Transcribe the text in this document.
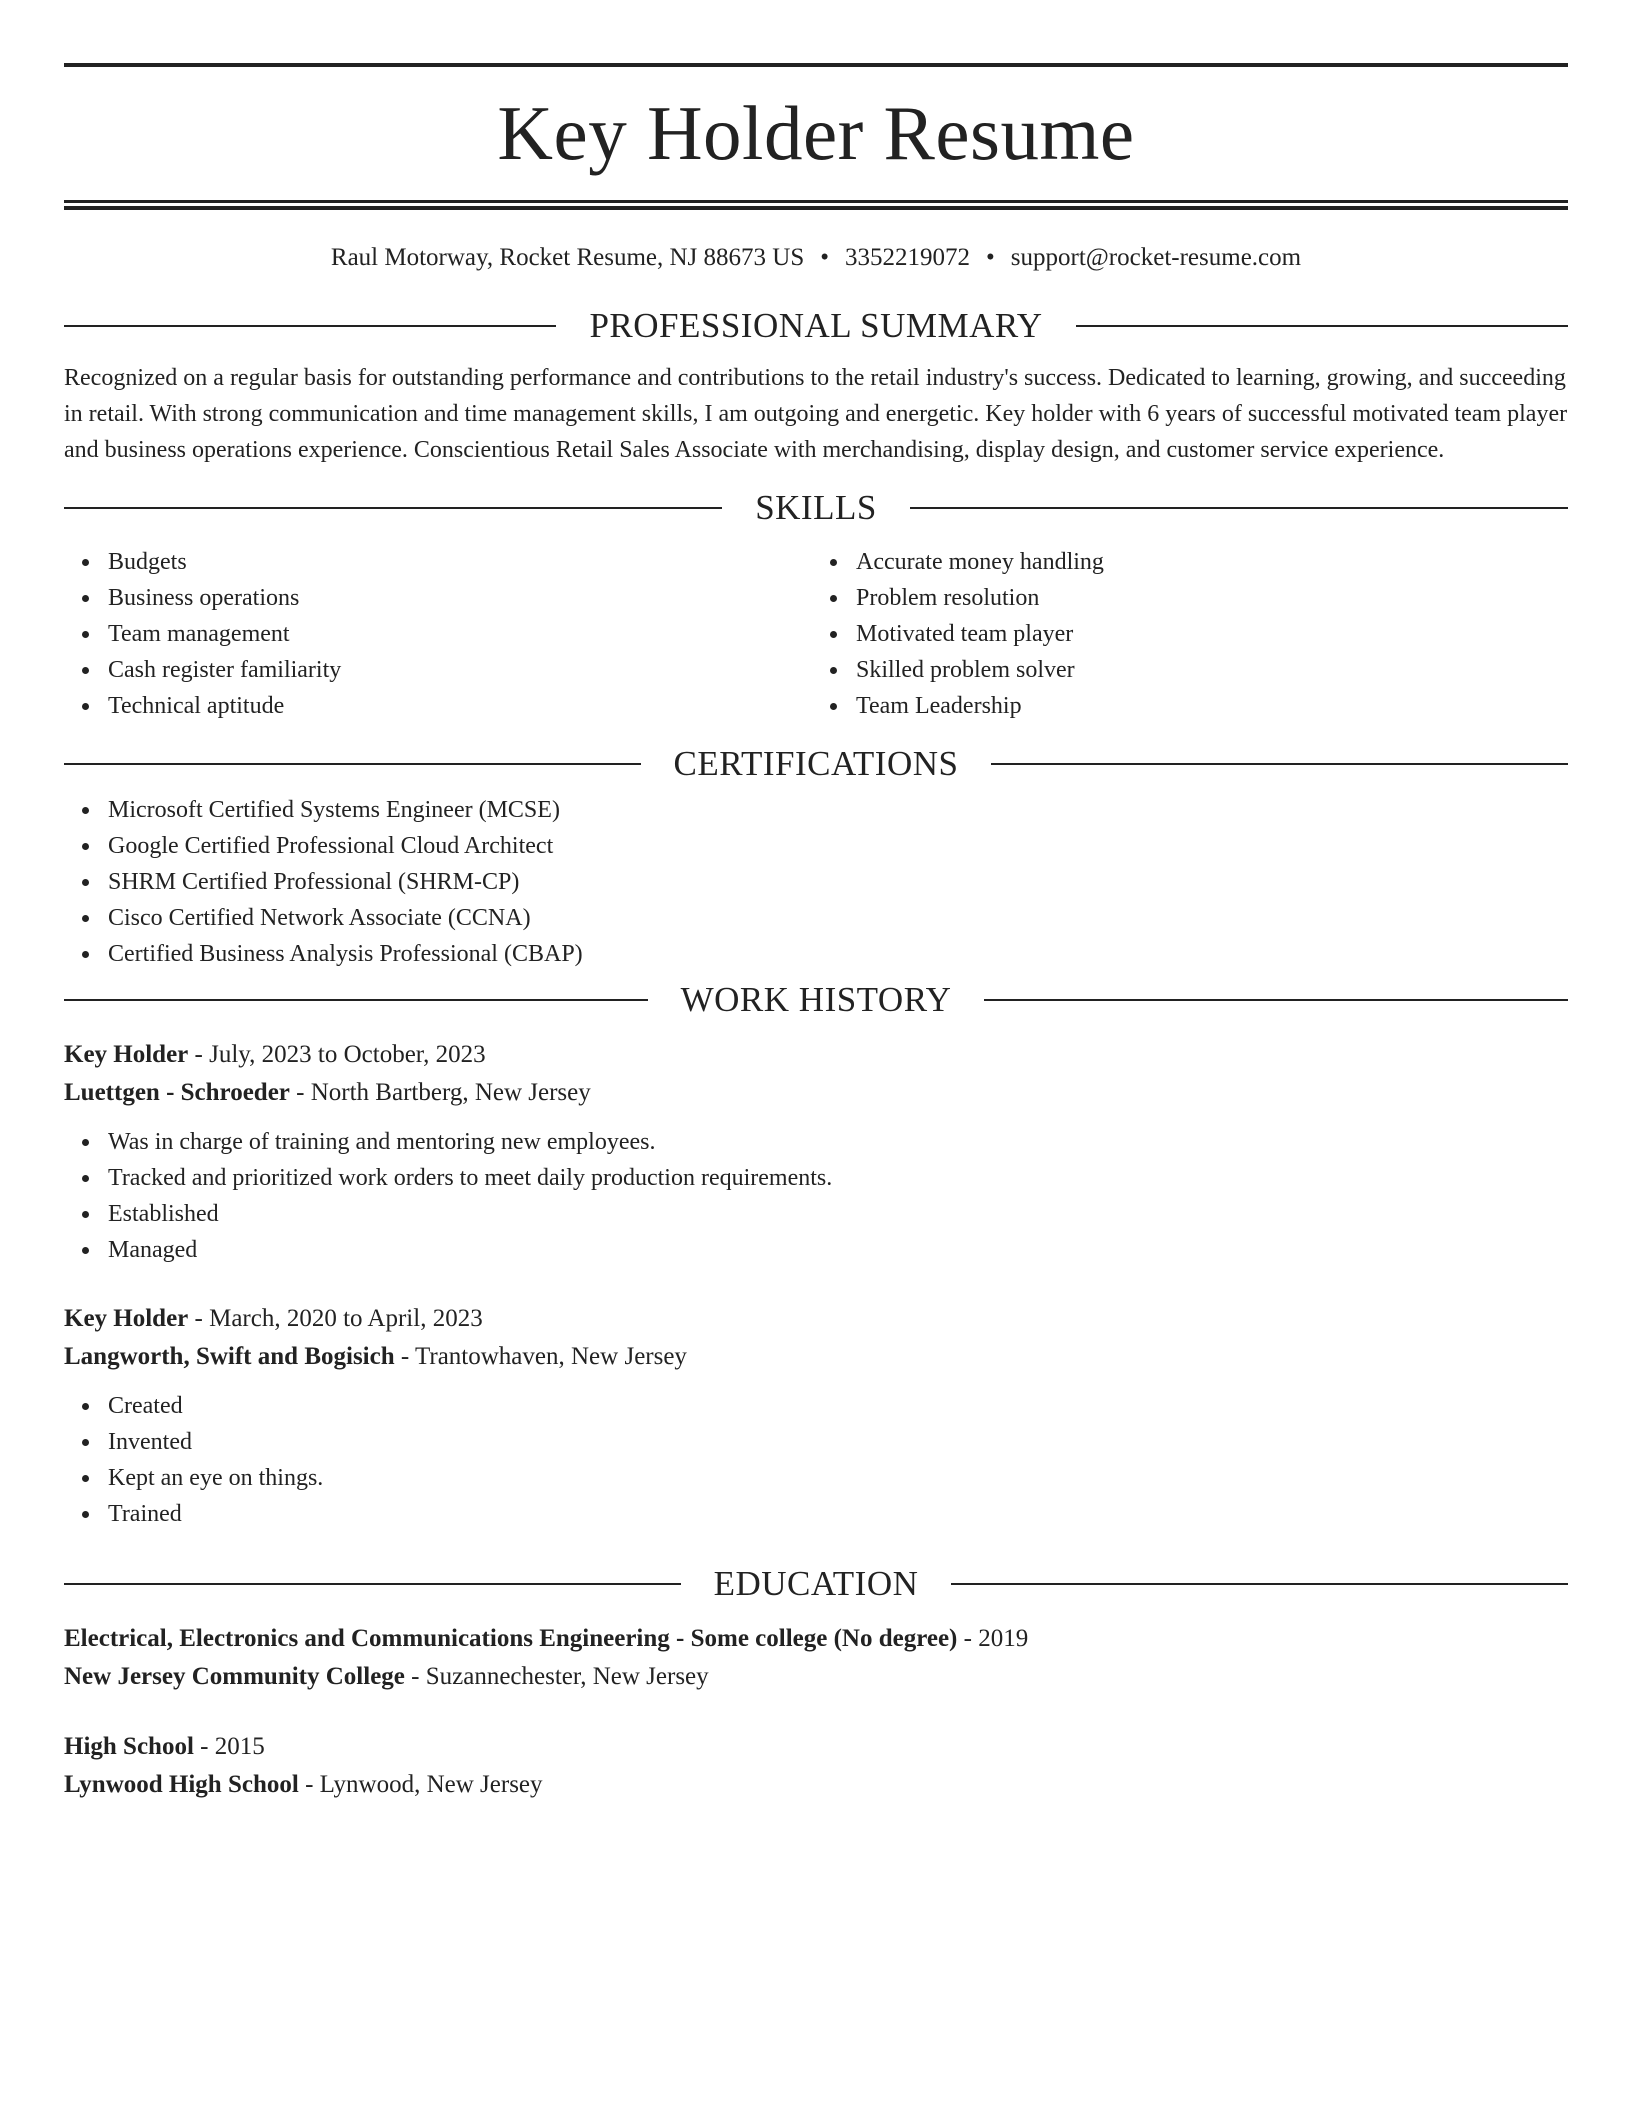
Key Holder Resume
Raul Motorway, Rocket Resume, NJ 88673 US • 3352219072 • support@rocket-resume.com
PROFESSIONAL SUMMARY

Recognized on a regular basis for outstanding performance and contributions to the retail industry's success. Dedicated to learning, growing, and succeeding in retail. With strong communication and time management skills, I am outgoing and energetic. Key holder with 6 years of successful motivated team player and business operations experience. Conscientious Retail Sales Associate with merchandising, display design, and customer service experience.

SKILLS
Budgets
Business operations
Team management
Cash register familiarity
Technical aptitude
Accurate money handling
Problem resolution
Motivated team player
Skilled problem solver
Team Leadership
CERTIFICATIONS
Microsoft Certified Systems Engineer (MCSE)
Google Certified Professional Cloud Architect
SHRM Certified Professional (SHRM-CP)
Cisco Certified Network Associate (CCNA)
Certified Business Analysis Professional (CBAP)
WORK HISTORY
Key Holder - July, 2023 to October, 2023
Luettgen - Schroeder - North Bartberg, New Jersey
Was in charge of training and mentoring new employees.
Tracked and prioritized work orders to meet daily production requirements.
Established
Managed
Key Holder - March, 2020 to April, 2023
Langworth, Swift and Bogisich - Trantowhaven, New Jersey
Created
Invented
Kept an eye on things.
Trained
EDUCATION
Electrical, Electronics and Communications Engineering - Some college (No degree) - 2019
New Jersey Community College - Suzannechester, New Jersey
High School - 2015
Lynwood High School - Lynwood, New Jersey
